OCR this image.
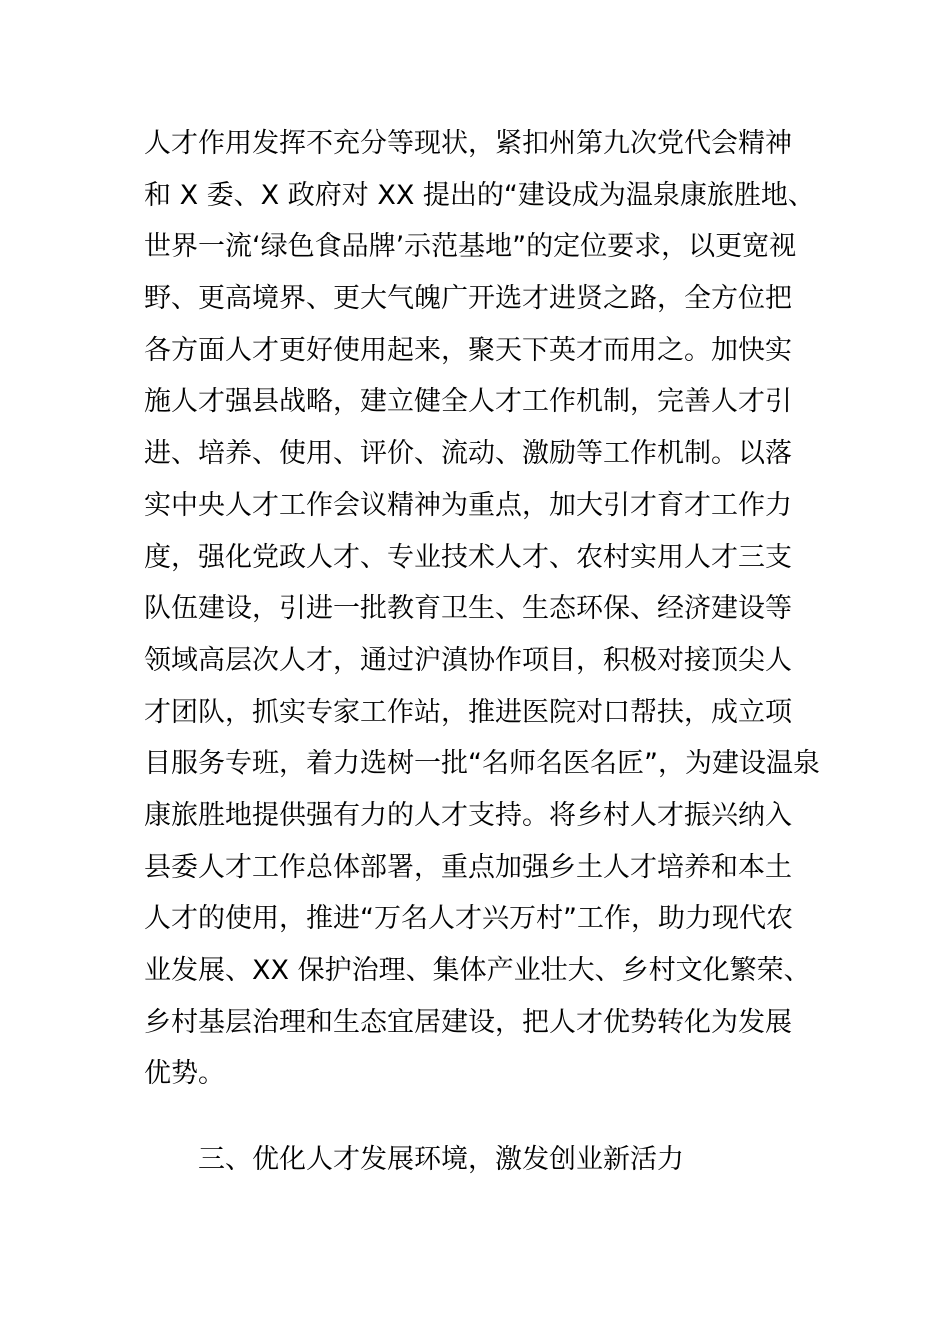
人才作用发挥不充分等现状，紧扣州第九次党代会精神
和 X 委、X 政府对 XX 提出的“建设成为温泉康旅胜地、
世界一流‘绿色食品牌’示范基地”的定位要求，以更宽视
野、更高境界、更大气魄广开选才进贤之路，全方位把
各方面人才更好使用起来，聚天下英才而用之。加快实
施人才强县战略，建立健全人才工作机制，完善人才引
进、培养、使用、评价、流动、激励等工作机制。以落
实中央人才工作会议精神为重点，加大引才育才工作力
度，强化党政人才、专业技术人才、农村实用人才三支
队伍建设，引进一批教育卫生、生态环保、经济建设等
领域高层次人才，通过沪滇协作项目，积极对接顶尖人
才团队，抓实专家工作站，推进医院对口帮扶，成立项
目服务专班，着力选树一批“名师名医名匠”，为建设温泉
康旅胜地提供强有力的人才支持。将乡村人才振兴纳入
县委人才工作总体部署，重点加强乡土人才培养和本土
人才的使用，推进“万名人才兴万村”工作，助力现代农
业发展、XX 保护治理、集体产业壮大、乡村文化繁荣、
乡村基层治理和生态宜居建设，把人才优势转化为发展
优势。
三、优化人才发展环境，激发创业新活力
